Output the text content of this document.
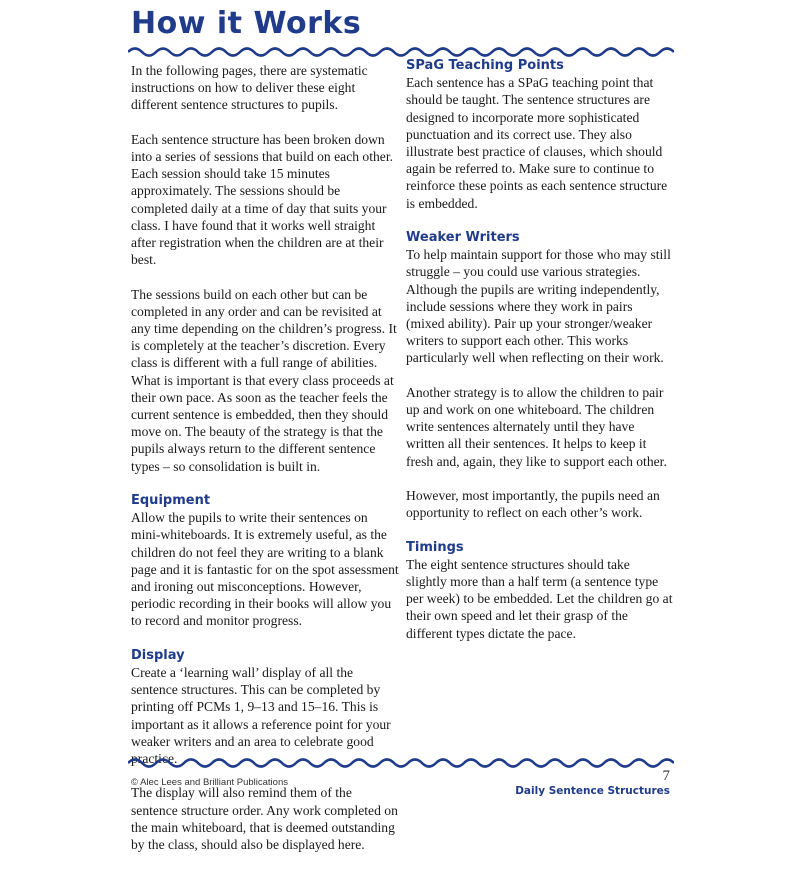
How it Works

In the following pages, there are systematic instructions on how to deliver these eight different sentence structures to pupils.

Each sentence structure has been broken down into a series of sessions that build on each other. Each session should take 15 minutes approximately. The sessions should be completed daily at a time of day that suits your class. I have found that it works well straight after registration when the children are at their best.

The sessions build on each other but can be completed in any order and can be revisited at any time depending on the children’s progress. It is completely at the teacher’s discretion. Every class is different with a full range of abilities. What is important is that every class proceeds at their own pace. As soon as the teacher feels the current sentence is embedded, then they should move on. The beauty of the strategy is that the pupils always return to the different sentence types – so consolidation is built in.

Equipment

Allow the pupils to write their sentences on mini-whiteboards. It is extremely useful, as the children do not feel they are writing to a blank page and it is fantastic for on the spot assessment and ironing out misconceptions. However, periodic recording in their books will allow you to record and monitor progress.

Display

Create a ‘learning wall’ display of all the sentence structures. This can be completed by printing off PCMs 1, 9–13 and 15–16. This is important as it allows a reference point for your weaker writers and an area to celebrate good practice.

The display will also remind them of the sentence structure order. Any work completed on the main whiteboard, that is deemed outstanding by the class, should also be displayed here.

SPaG Teaching Points

Each sentence has a SPaG teaching point that should be taught. The sentence structures are designed to incorporate more sophisticated punctuation and its correct use. They also illustrate best practice of clauses, which should again be referred to. Make sure to continue to reinforce these points as each sentence structure is embedded.

Weaker Writers

To help maintain support for those who may still struggle – you could use various strategies. Although the pupils are writing independently, include sessions where they work in pairs (mixed ability). Pair up your stronger/weaker writers to support each other. This works particularly well when reflecting on their work.

Another strategy is to allow the children to pair up and work on one whiteboard. The children write sentences alternately until they have written all their sentences. It helps to keep it fresh and, again, they like to support each other.

However, most importantly, the pupils need an opportunity to reflect on each other’s work.

Timings

The eight sentence structures should take slightly more than a half term (a sentence type per week) to be embedded. Let the children go at their own speed and let their grasp of the different types dictate the pace.

© Alec Lees and Brilliant Publications	7
Daily Sentence Structures
